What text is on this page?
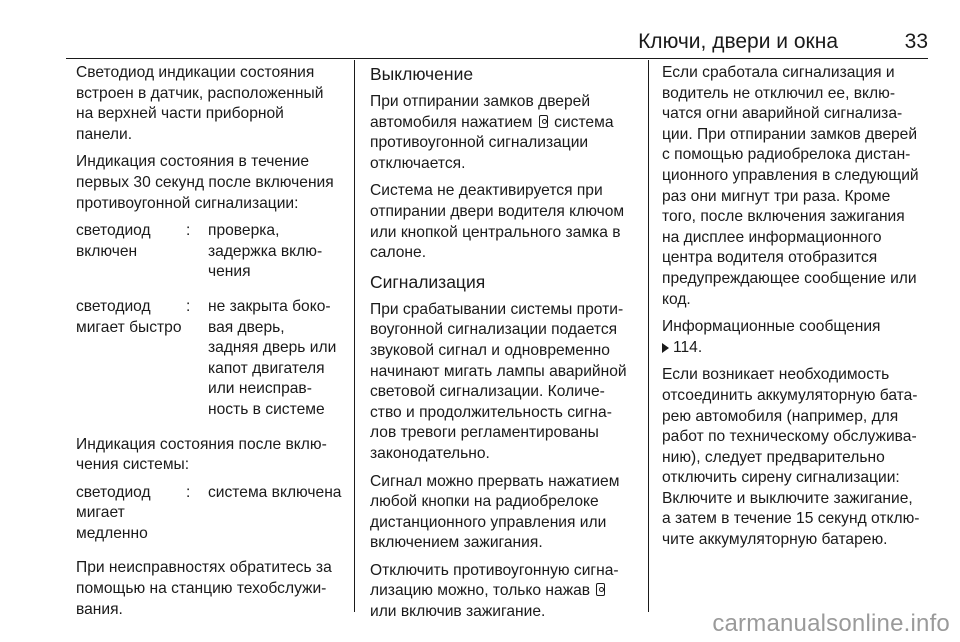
Ключи, двери и окна	33

Светодиод индикации состояния
встроен в датчик, расположенный
на верхней части приборной
панели.

Индикация состояния в течение
первых 30 секунд после включения
противоугонной сигнализации:

светодиод
включен
:	проверка,
задержка вклю-
чения
светодиод
мигает быстро
:	не закрыта боко-
вая дверь,
задняя дверь или
капот двигателя
или неисправ-
ность в системе

Индикация состояния после вклю-
чения системы:

светодиод
мигает
медленно
:	система включена

При неисправностях обратитесь за
помощью на станцию техобслужи-
вания.

Выключение

При отпирании замков дверей
автомобиля нажатием система
противоугонной сигнализации
отключается.

Система не деактивируется при
отпирании двери водителя ключом
или кнопкой центрального замка в
салоне.

Сигнализация

При срабатывании системы проти-
воугонной сигнализации подается
звуковой сигнал и одновременно
начинают мигать лампы аварийной
световой сигнализации. Количе-
ство и продолжительность сигна-
лов тревоги регламентированы
законодательно.

Сигнал можно прервать нажатием
любой кнопки на радиобрелоке
дистанционного управления или
включением зажигания.

Отключить противоугонную сигна-
лизацию можно, только нажав
или включив зажигание.

Если сработала сигнализация и
водитель не отключил ее, вклю-
чатся огни аварийной сигнализа-
ции. При отпирании замков дверей
с помощью радиобрелока дистан-
ционного управления в следующий
раз они мигнут три раза. Кроме
того, после включения зажигания
на дисплее информационного
центра водителя отобразится
предупреждающее сообщение или
код.

Информационные сообщения
114.

Если возникает необходимость
отсоединить аккумуляторную бата-
рею автомобиля (например, для
работ по техническому обслужива-
нию), следует предварительно
отключить сирену сигнализации:
Включите и выключите зажигание,
а затем в течение 15 секунд отклю-
чите аккумуляторную батарею.

carmanualsonline.info
